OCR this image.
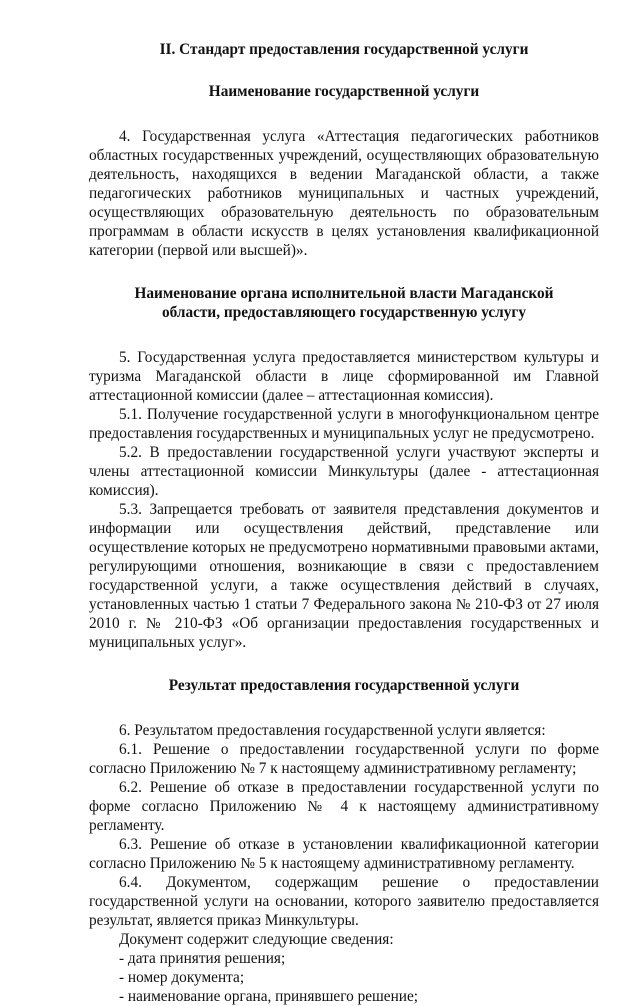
II. Стандарт предоставления государственной услуги

Наименование государственной услуги

4. Государственная услуга «Аттестация педагогических работников областных государственных учреждений, осуществляющих образовательную деятельность, находящихся в ведении Магаданской области, а также педагогических работников муниципальных и частных учреждений, осуществляющих образовательную деятельность по образовательным программам в области искусств в целях установления квалификационной категории (первой или высшей)».

Наименование органа исполнительной власти Магаданской

области, предоставляющего государственную услугу

5. Государственная услуга предоставляется министерством культуры и туризма Магаданской области в лице сформированной им Главной аттестационной комиссии (далее – аттестационная комиссия).

5.1. Получение государственной услуги в многофункциональном центре предоставления государственных и муниципальных услуг не предусмотрено.

5.2. В предоставлении государственной услуги участвуют эксперты и члены аттестационной комиссии Минкультуры (далее - аттестационная комиссия).

5.3. Запрещается требовать от заявителя представления документов и информации или осуществления действий, представление или осуществление которых не предусмотрено нормативными правовыми актами, регулирующими отношения, возникающие в связи с предоставлением государственной услуги, а также осуществления действий в случаях, установленных частью 1 статьи 7 Федерального закона № 210-ФЗ от 27 июля 2010 г. № 210-ФЗ «Об организации предоставления государственных и муниципальных услуг».

Результат предоставления государственной услуги

6. Результатом предоставления государственной услуги является:

6.1. Решение о предоставлении государственной услуги по форме согласно Приложению № 7 к настоящему административному регламенту;

6.2. Решение об отказе в предоставлении государственной услуги по форме согласно Приложению № 4 к настоящему административному регламенту.

6.3. Решение об отказе в установлении квалификационной категории согласно Приложению № 5 к настоящему административному регламенту.

6.4. Документом, содержащим решение о предоставлении государственной услуги на основании, которого заявителю предоставляется результат, является приказ Минкультуры.

Документ содержит следующие сведения:

- дата принятия решения;

- номер документа;

- наименование органа, принявшего решение;
